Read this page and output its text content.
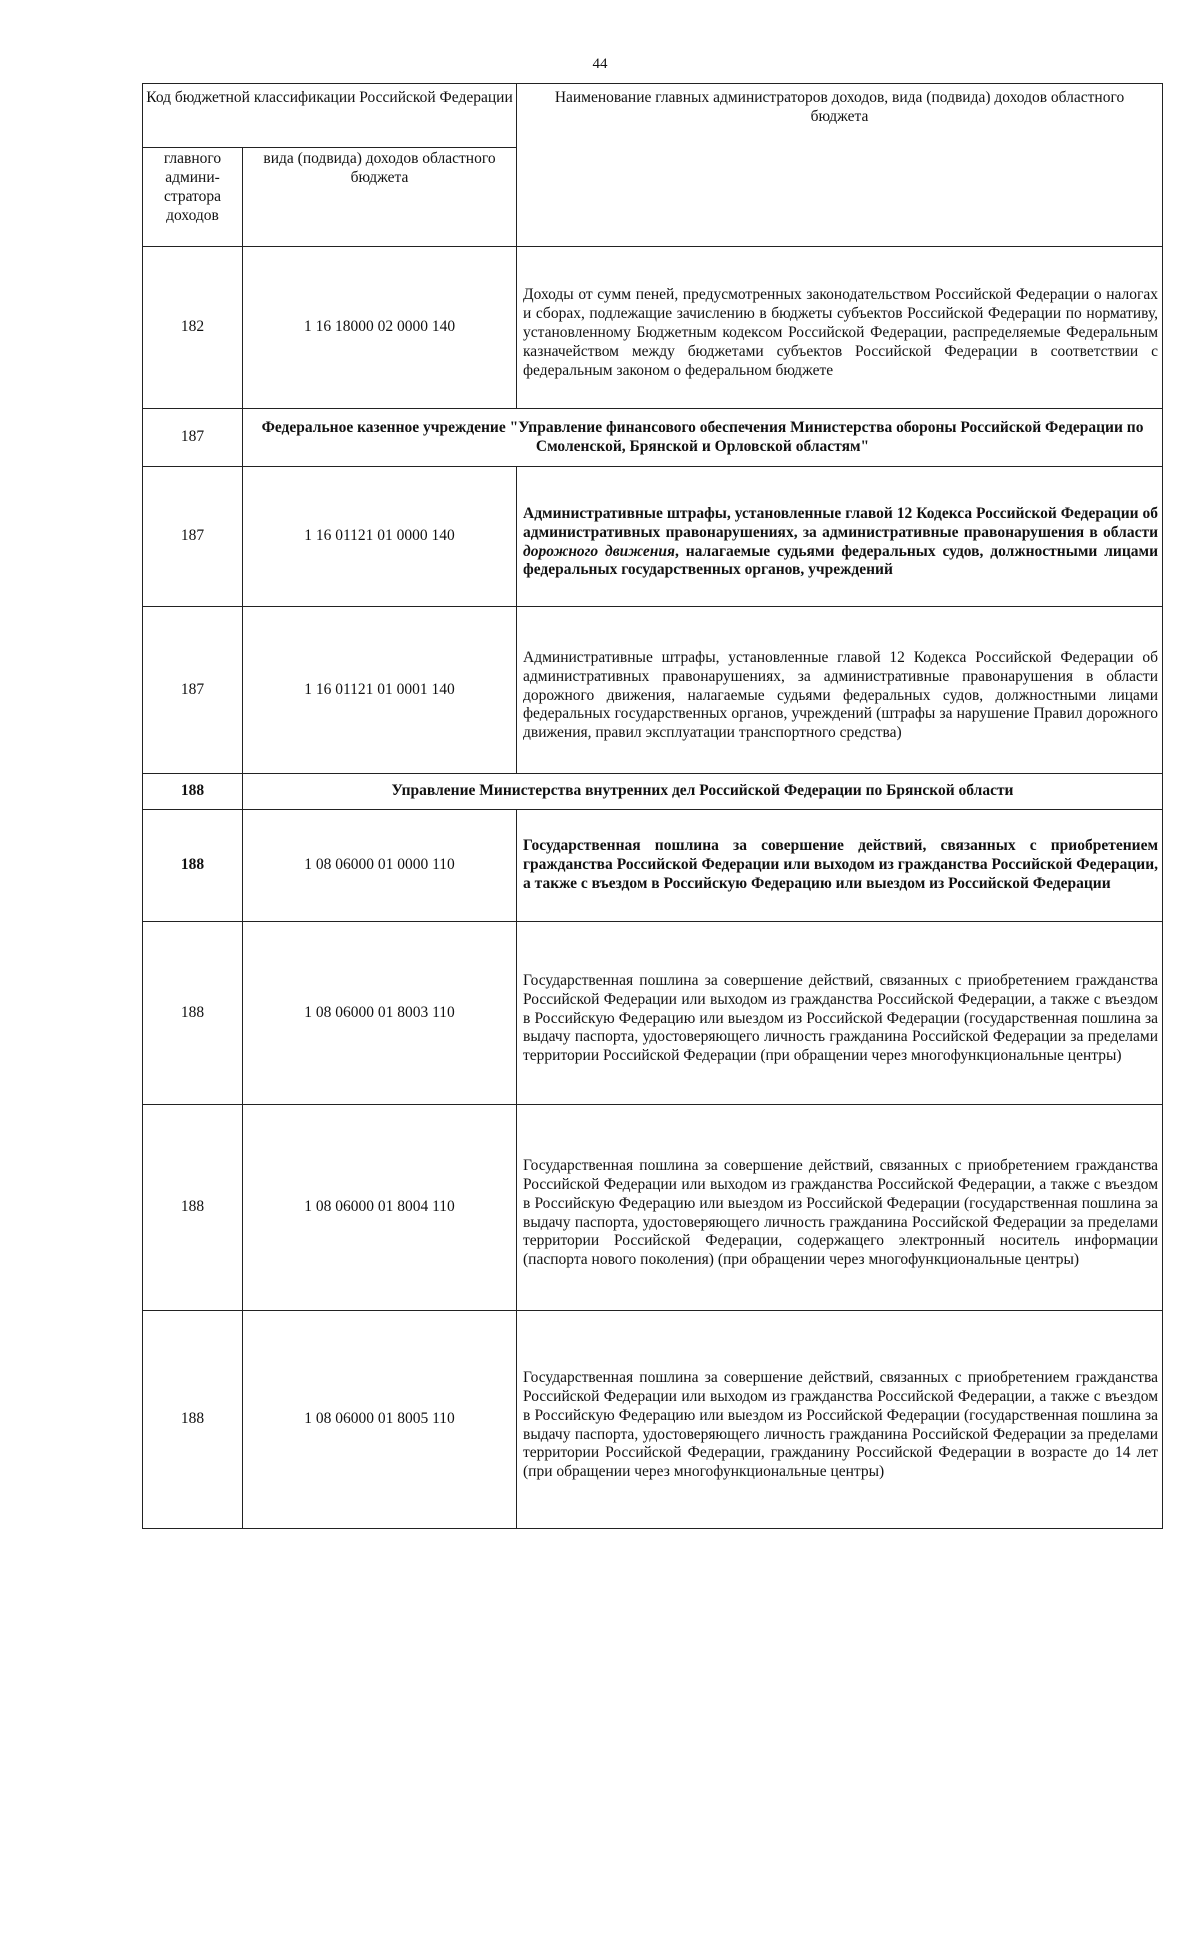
44
Код бюджетной классификации Российской Федерации		Наименование главных администраторов доходов, вида (подвида) доходов областного бюджета
главного админи-стратора доходов	вида (подвида) доходов областного бюджета	
182	1 16 18000 02 0000 140	Доходы от сумм пеней, предусмотренных законодательством Российской Федерации о налогах и сборах, подлежащие зачислению в бюджеты субъектов Российской Федерации по нормативу, установленному Бюджетным кодексом Российской Федерации, распределяемые Федеральным казначейством между бюджетами субъектов Российской Федерации в соответствии с федеральным законом о федеральном бюджете
187	Федеральное казенное учреждение "Управление финансового обеспечения Министерства обороны Российской Федерации по Смоленской, Брянской и Орловской областям"	
187	1 16 01121 01 0000 140	Административные штрафы, установленные главой 12 Кодекса Российской Федерации об административных правонарушениях, за административные правонарушения в области дорожного движения, налагаемые судьями федеральных судов, должностными лицами федеральных государственных органов, учреждений
187	1 16 01121 01 0001 140	Административные штрафы, установленные главой 12 Кодекса Российской Федерации об административных правонарушениях, за административные правонарушения в области дорожного движения, налагаемые судьями федеральных судов, должностными лицами федеральных государственных органов, учреждений (штрафы за нарушение Правил дорожного движения, правил эксплуатации транспортного средства)
188	Управление Министерства внутренних дел Российской Федерации по Брянской области	
188	1 08 06000 01 0000 110	Государственная пошлина за совершение действий, связанных с приобретением гражданства Российской Федерации или выходом из гражданства Российской Федерации, а также с въездом в Российскую Федерацию или выездом из Российской Федерации
188	1 08 06000 01 8003 110	Государственная пошлина за совершение действий, связанных с приобретением гражданства Российской Федерации или выходом из гражданства Российской Федерации, а также с въездом в Российскую Федерацию или выездом из Российской Федерации (государственная пошлина за выдачу паспорта, удостоверяющего личность гражданина Российской Федерации за пределами территории Российской Федерации (при обращении через многофункциональные центры)
188	1 08 06000 01 8004 110	Государственная пошлина за совершение действий, связанных с приобретением гражданства Российской Федерации или выходом из гражданства Российской Федерации, а также с въездом в Российскую Федерацию или выездом из Российской Федерации (государственная пошлина за выдачу паспорта, удостоверяющего личность гражданина Российской Федерации за пределами территории Российской Федерации, содержащего электронный носитель информации (паспорта нового поколения) (при обращении через многофункциональные центры)
188	1 08 06000 01 8005 110	Государственная пошлина за совершение действий, связанных с приобретением гражданства Российской Федерации или выходом из гражданства Российской Федерации, а также с въездом в Российскую Федерацию или выездом из Российской Федерации (государственная пошлина за выдачу паспорта, удостоверяющего личность гражданина Российской Федерации за пределами территории Российской Федерации, гражданину Российской Федерации в возрасте до 14 лет (при обращении через многофункциональные центры)
